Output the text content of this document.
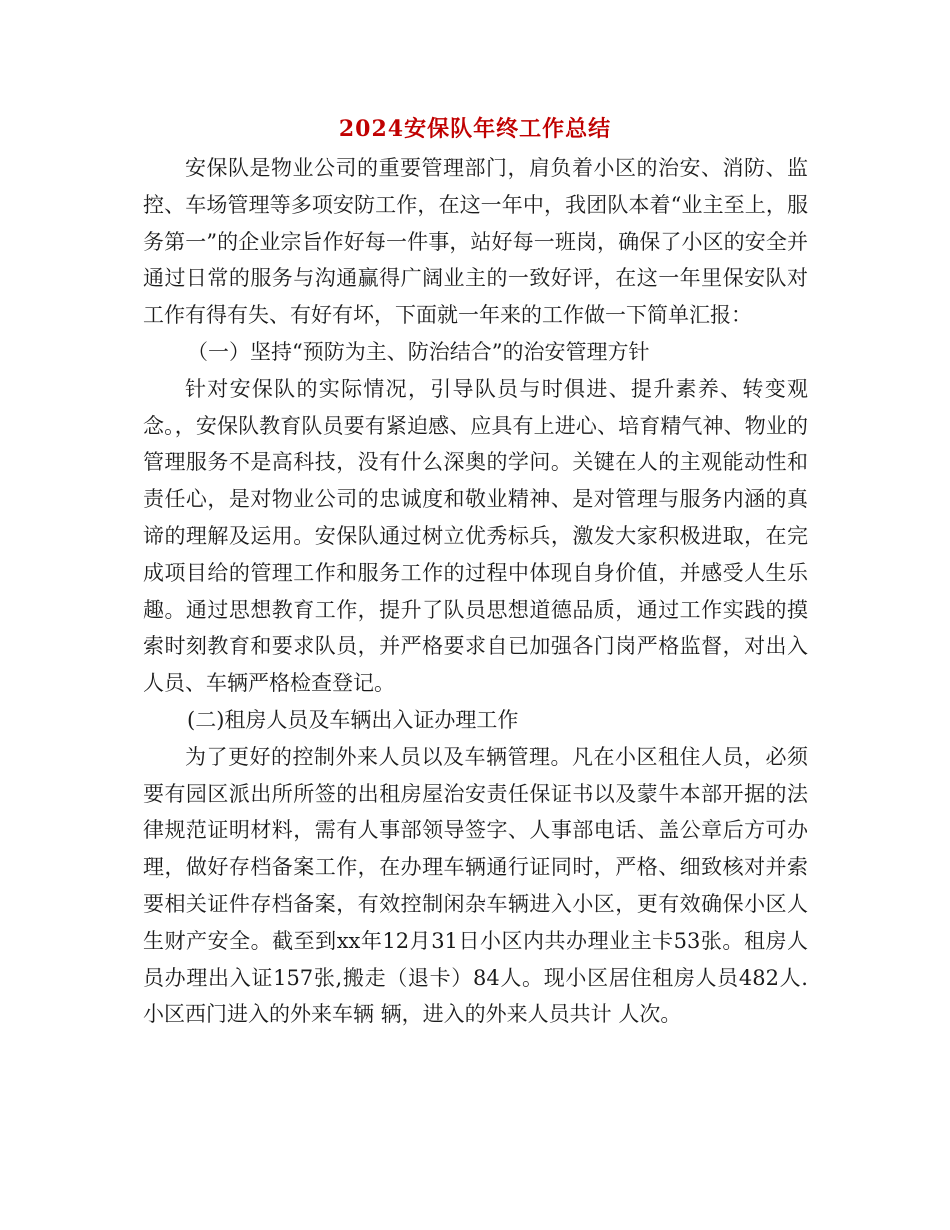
2024安保队年终工作总结

安保队是物业公司的重要管理部门，肩负着小区的治安、消防、监控、车场管理等多项安防工作，在这一年中，我团队本着“业主至上，服务第一”的企业宗旨作好每一件事，站好每一班岗，确保了小区的安全并通过日常的服务与沟通赢得广阔业主的一致好评，在这一年里保安队对工作有得有失、有好有坏，下面就一年来的工作做一下简单汇报：

（一）坚持“预防为主、防治结合”的治安管理方针

针对安保队的实际情况，引导队员与时俱进、提升素养、转变观念。，安保队教育队员要有紧迫感、应具有上进心、培育精气神、物业的管理服务不是高科技，没有什么深奥的学问。关键在人的主观能动性和责任心，是对物业公司的忠诚度和敬业精神、是对管理与服务内涵的真谛的理解及运用。安保队通过树立优秀标兵，激发大家积极进取，在完成项目给的管理工作和服务工作的过程中体现自身价值，并感受人生乐趣。通过思想教育工作，提升了队员思想道德品质，通过工作实践的摸索时刻教育和要求队员，并严格要求自已加强各门岗严格监督，对出入人员、车辆严格检查登记。

(二)租房人员及车辆出入证办理工作

为了更好的控制外来人员以及车辆管理。凡在小区租住人员，必须要有园区派出所所签的出租房屋治安责任保证书以及蒙牛本部开据的法律规范证明材料，需有人事部领导签字、人事部电话、盖公章后方可办理，做好存档备案工作，在办理车辆通行证同时，严格、细致核对并索要相关证件存档备案，有效控制闲杂车辆进入小区，更有效确保小区人生财产安全。截至到xx年12月31日小区内共办理业主卡53张。租房人员办理出入证157张,搬走（退卡）84人。现小区居住租房人员482人.小区西门进入的外来车辆 辆，进入的外来人员共计 人次。
